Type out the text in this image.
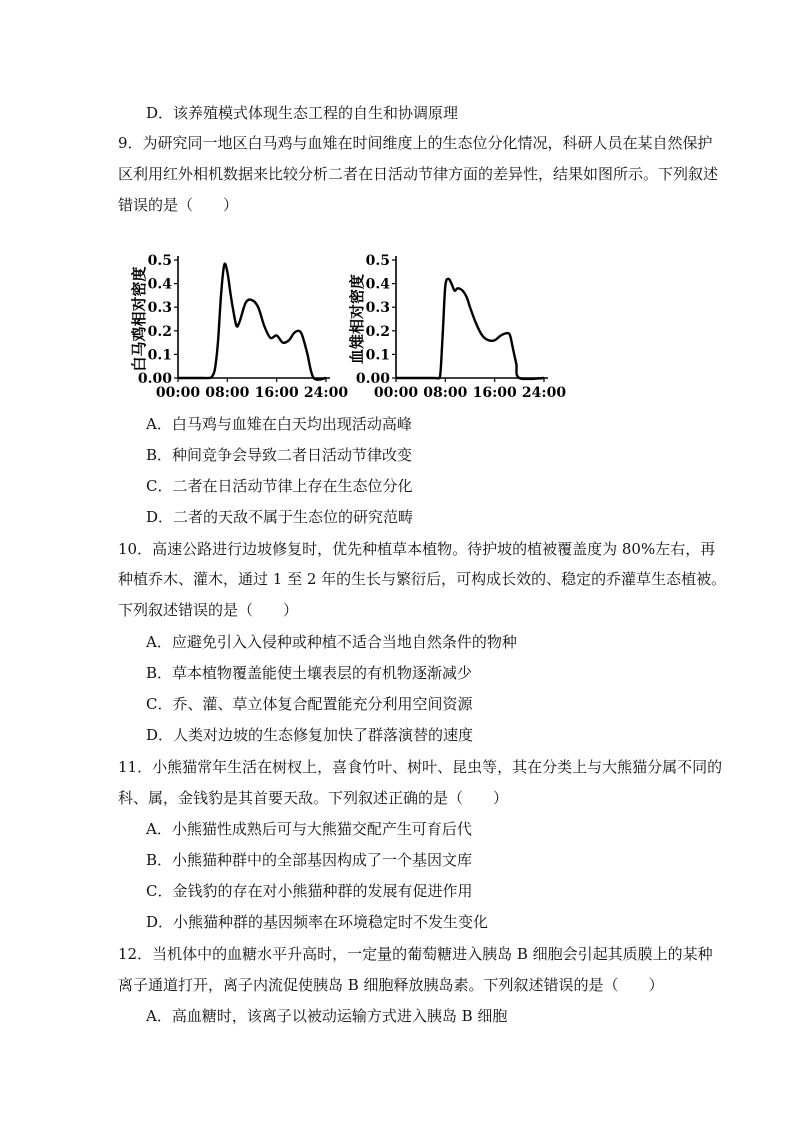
D．该养殖模式体现生态工程的自生和协调原理
9．为研究同一地区白马鸡与血雉在时间维度上的生态位分化情况，科研人员在某自然保护
区利用红外相机数据来比较分析二者在日活动节律方面的差异性，结果如图所示。下列叙述
错误的是（　　）
0.00
0.1
0.2
0.3
0.4
0.5
00:00 08:00 16:00 24:00
白马鸡相对密度
0.00
0.1
0.2
0.3
0.4
0.5
00:00 08:00 16:00 24:00
血雉相对密度
A．白马鸡与血雉在白天均出现活动高峰
B．种间竞争会导致二者日活动节律改变
C．二者在日活动节律上存在生态位分化
D．二者的天敌不属于生态位的研究范畴
10．高速公路进行边坡修复时，优先种植草本植物。待护坡的植被覆盖度为 80%左右，再
种植乔木、灌木，通过 1 至 2 年的生长与繁衍后，可构成长效的、稳定的乔灌草生态植被。
下列叙述错误的是（　　）
A．应避免引入入侵种或种植不适合当地自然条件的物种
B．草本植物覆盖能使土壤表层的有机物逐渐减少
C．乔、灌、草立体复合配置能充分利用空间资源
D．人类对边坡的生态修复加快了群落演替的速度
11．小熊猫常年生活在树杈上，喜食竹叶、树叶、昆虫等，其在分类上与大熊猫分属不同的
科、属，金钱豹是其首要天敌。下列叙述正确的是（　　）
A．小熊猫性成熟后可与大熊猫交配产生可育后代
B．小熊猫种群中的全部基因构成了一个基因文库
C．金钱豹的存在对小熊猫种群的发展有促进作用
D．小熊猫种群的基因频率在环境稳定时不发生变化
12．当机体中的血糖水平升高时，一定量的葡萄糖进入胰岛 B 细胞会引起其质膜上的某种
离子通道打开，离子内流促使胰岛 B 细胞释放胰岛素。下列叙述错误的是（　　）
A．高血糖时，该离子以被动运输方式进入胰岛 B 细胞
